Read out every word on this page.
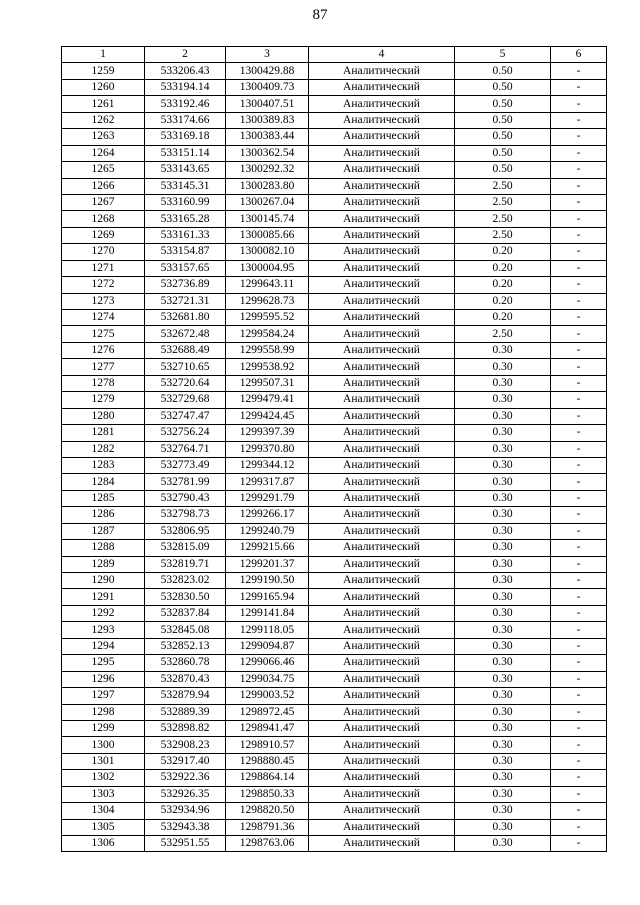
87
1	2	3	4	5	6
1259	533206.43	1300429.88	Аналитический	0.50	-
1260	533194.14	1300409.73	Аналитический	0.50	-
1261	533192.46	1300407.51	Аналитический	0.50	-
1262	533174.66	1300389.83	Аналитический	0.50	-
1263	533169.18	1300383.44	Аналитический	0.50	-
1264	533151.14	1300362.54	Аналитический	0.50	-
1265	533143.65	1300292.32	Аналитический	0.50	-
1266	533145.31	1300283.80	Аналитический	2.50	-
1267	533160.99	1300267.04	Аналитический	2.50	-
1268	533165.28	1300145.74	Аналитический	2.50	-
1269	533161.33	1300085.66	Аналитический	2.50	-
1270	533154.87	1300082.10	Аналитический	0.20	-
1271	533157.65	1300004.95	Аналитический	0.20	-
1272	532736.89	1299643.11	Аналитический	0.20	-
1273	532721.31	1299628.73	Аналитический	0.20	-
1274	532681.80	1299595.52	Аналитический	0.20	-
1275	532672.48	1299584.24	Аналитический	2.50	-
1276	532688.49	1299558.99	Аналитический	0.30	-
1277	532710.65	1299538.92	Аналитический	0.30	-
1278	532720.64	1299507.31	Аналитический	0.30	-
1279	532729.68	1299479.41	Аналитический	0.30	-
1280	532747.47	1299424.45	Аналитический	0.30	-
1281	532756.24	1299397.39	Аналитический	0.30	-
1282	532764.71	1299370.80	Аналитический	0.30	-
1283	532773.49	1299344.12	Аналитический	0.30	-
1284	532781.99	1299317.87	Аналитический	0.30	-
1285	532790.43	1299291.79	Аналитический	0.30	-
1286	532798.73	1299266.17	Аналитический	0.30	-
1287	532806.95	1299240.79	Аналитический	0.30	-
1288	532815.09	1299215.66	Аналитический	0.30	-
1289	532819.71	1299201.37	Аналитический	0.30	-
1290	532823.02	1299190.50	Аналитический	0.30	-
1291	532830.50	1299165.94	Аналитический	0.30	-
1292	532837.84	1299141.84	Аналитический	0.30	-
1293	532845.08	1299118.05	Аналитический	0.30	-
1294	532852.13	1299094.87	Аналитический	0.30	-
1295	532860.78	1299066.46	Аналитический	0.30	-
1296	532870.43	1299034.75	Аналитический	0.30	-
1297	532879.94	1299003.52	Аналитический	0.30	-
1298	532889.39	1298972.45	Аналитический	0.30	-
1299	532898.82	1298941.47	Аналитический	0.30	-
1300	532908.23	1298910.57	Аналитический	0.30	-
1301	532917.40	1298880.45	Аналитический	0.30	-
1302	532922.36	1298864.14	Аналитический	0.30	-
1303	532926.35	1298850.33	Аналитический	0.30	-
1304	532934.96	1298820.50	Аналитический	0.30	-
1305	532943.38	1298791.36	Аналитический	0.30	-
1306	532951.55	1298763.06	Аналитический	0.30	-
